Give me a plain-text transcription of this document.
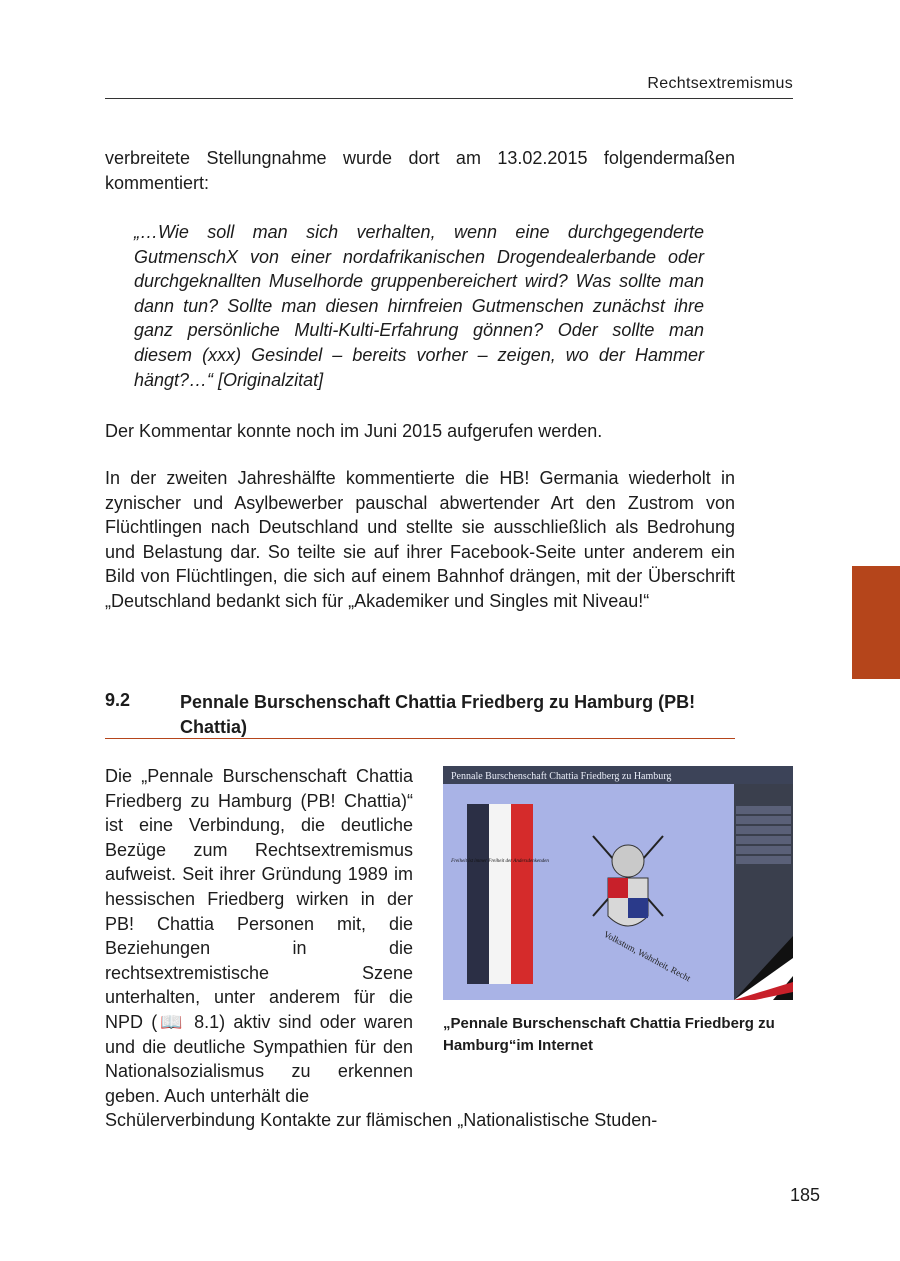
Rechtsextremismus

verbreitete Stellungnahme wurde dort am 13.02.2015 folgendermaßen kommentiert:

„…Wie soll man sich verhalten, wenn eine durchgegenderte GutmenschX von einer nordafrikanischen Drogendealerbande oder durchgeknallten Muselhorde gruppenbereichert wird? Was sollte man dann tun? Sollte man diesen hirnfreien Gutmenschen zunächst ihre ganz persönliche Multi-Kulti-Erfahrung gönnen? Oder sollte man diesem (xxx) Gesindel – bereits vorher – zeigen, wo der Hammer hängt?…“ [Originalzitat]

Der Kommentar konnte noch im Juni 2015 aufgerufen werden.

In der zweiten Jahreshälfte kommentierte die HB! Germania wiederholt in zynischer und Asylbewerber pauschal abwertender Art den Zustrom von Flüchtlingen nach Deutschland und stellte sie ausschließlich als Bedrohung und Belastung dar. So teilte sie auf ihrer Facebook-Seite unter anderem ein Bild von Flüchtlingen, die sich auf einem Bahnhof drängen, mit der Überschrift „Deutschland bedankt sich für „Akademiker und Singles mit Niveau!“

9.2	Pennale Burschenschaft Chattia Friedberg zu Hamburg (PB! Chattia)

Die „Pennale Burschenschaft Chattia Friedberg zu Hamburg (PB! Chattia)“ ist eine Verbindung, die deutliche Bezüge zum Rechtsextremismus aufweist. Seit ihrer Gründung 1989 im hessischen Friedberg wirken in der PB! Chattia Personen mit, die Beziehungen in die rechtsextremistische Szene unterhalten, unter anderem für die NPD (📖 8.1) aktiv sind oder waren und die deutliche Sympathien für den Nationalsozialismus zu erkennen geben. Auch unterhält die

Schülerverbindung Kontakte zur flämischen „Nationalistische Studen-

Pennale Burschenschaft Chattia Friedberg zu Hamburg
Freiheit ist immer Freiheit der Andersdenkenden
Volkstum, Wahrheit, Recht

„Pennale Burschenschaft Chattia Friedberg zu Hamburg“im Internet

185
